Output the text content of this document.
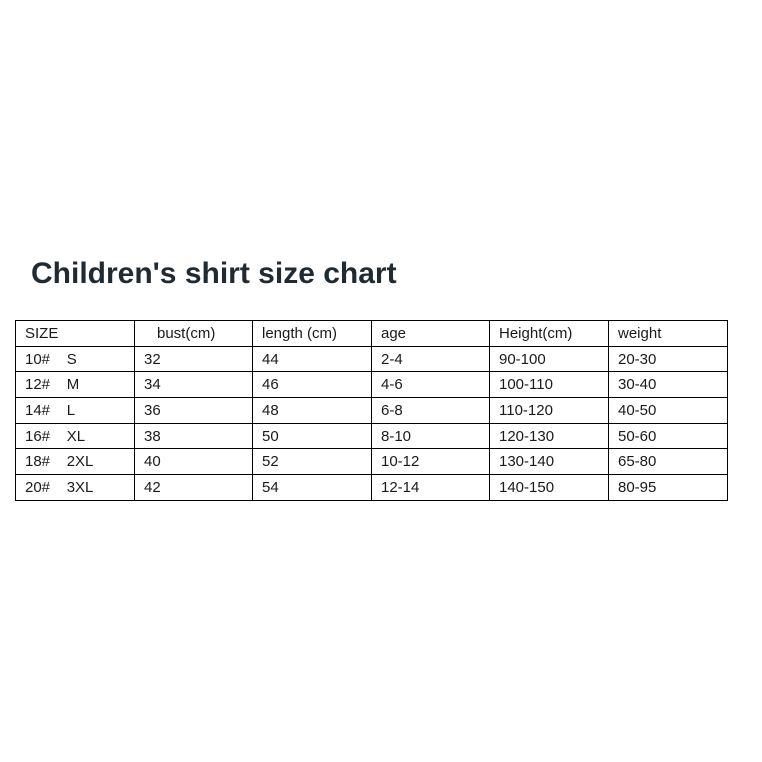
Children's shirt size chart
SIZE	bust(cm)	length (cm)	age	Height(cm)	weight
10#    S	32	44	2-4	90-100	20-30
12#    M	34	46	4-6	100-110	30-40
14#    L	36	48	6-8	110-120	40-50
16#    XL	38	50	8-10	120-130	50-60
18#    2XL	40	52	10-12	130-140	65-80
20#    3XL	42	54	12-14	140-150	80-95
